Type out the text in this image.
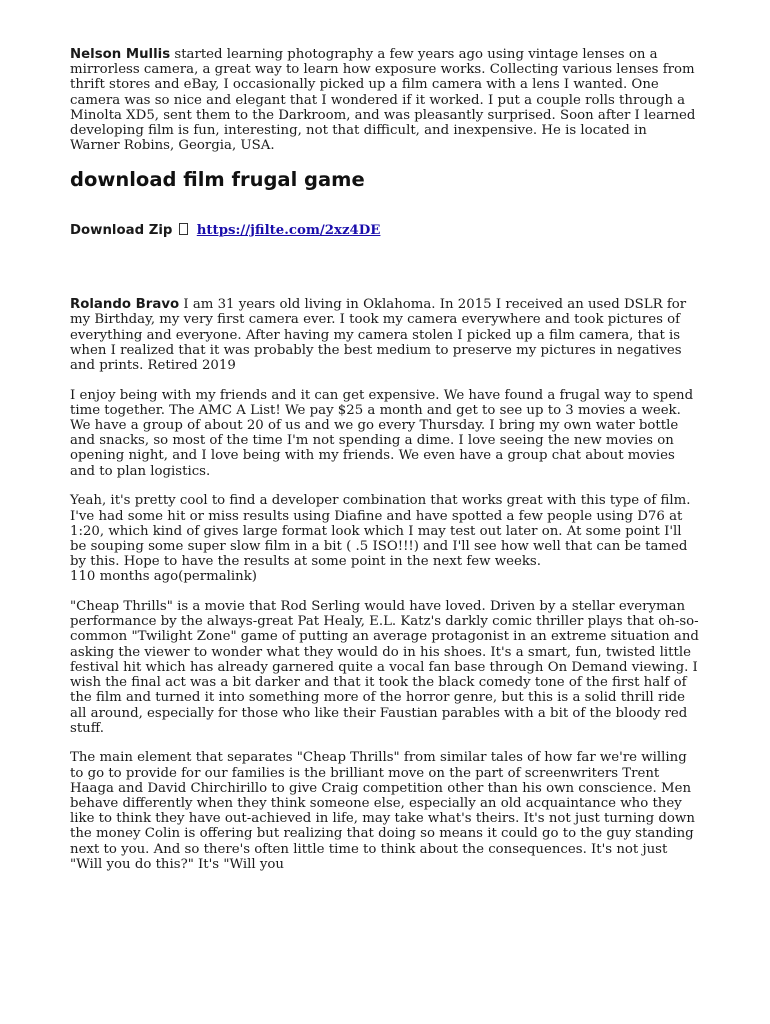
Nelson Mullis started learning photography a few years ago using vintage lenses on a mirrorless camera, a great way to learn how exposure works. Collecting various lenses from thrift stores and eBay, I occasionally picked up a film camera with a lens I wanted. One camera was so nice and elegant that I wondered if it worked. I put a couple rolls through a Minolta XD5, sent them to the Darkroom, and was pleasantly surprised. Soon after I learned developing film is fun, interesting, not that difficult, and inexpensive. He is located in Warner Robins, Georgia, USA.

download film frugal game
Download Zip https://jfilte.com/2xz4DE

Rolando Bravo I am 31 years old living in Oklahoma. In 2015 I received an used DSLR for my Birthday, my very first camera ever. I took my camera everywhere and took pictures of everything and everyone. After having my camera stolen I picked up a film camera, that is when I realized that it was probably the best medium to preserve my pictures in negatives and prints. Retired 2019

I enjoy being with my friends and it can get expensive. We have found a frugal way to spend time together. The AMC A List! We pay $25 a month and get to see up to 3 movies a week. We have a group of about 20 of us and we go every Thursday. I bring my own water bottle and snacks, so most of the time I'm not spending a dime. I love seeing the new movies on opening night, and I love being with my friends. We even have a group chat about movies and to plan logistics.

Yeah, it's pretty cool to find a developer combination that works great with this type of film. I've had some hit or miss results using Diafine and have spotted a few people using D76 at 1:20, which kind of gives large format look which I may test out later on. At some point I'll be souping some super slow film in a bit ( .5 ISO!!!) and I'll see how well that can be tamed by this. Hope to have the results at some point in the next few weeks.

110 months ago(permalink)

"Cheap Thrills" is a movie that Rod Serling would have loved. Driven by a stellar everyman performance by the always-great Pat Healy, E.L. Katz's darkly comic thriller plays that oh-so-common "Twilight Zone" game of putting an average protagonist in an extreme situation and asking the viewer to wonder what they would do in his shoes. It's a smart, fun, twisted little festival hit which has already garnered quite a vocal fan base through On Demand viewing. I wish the final act was a bit darker and that it took the black comedy tone of the first half of the film and turned it into something more of the horror genre, but this is a solid thrill ride all around, especially for those who like their Faustian parables with a bit of the bloody red stuff.

The main element that separates "Cheap Thrills" from similar tales of how far we're willing to go to provide for our families is the brilliant move on the part of screenwriters Trent Haaga and David Chirchirillo to give Craig competition other than his own conscience. Men behave differently when they think someone else, especially an old acquaintance who they like to think they have out-achieved in life, may take what's theirs. It's not just turning down the money Colin is offering but realizing that doing so means it could go to the guy standing next to you. And so there's often little time to think about the consequences. It's not just "Will you do this?" It's "Will you
